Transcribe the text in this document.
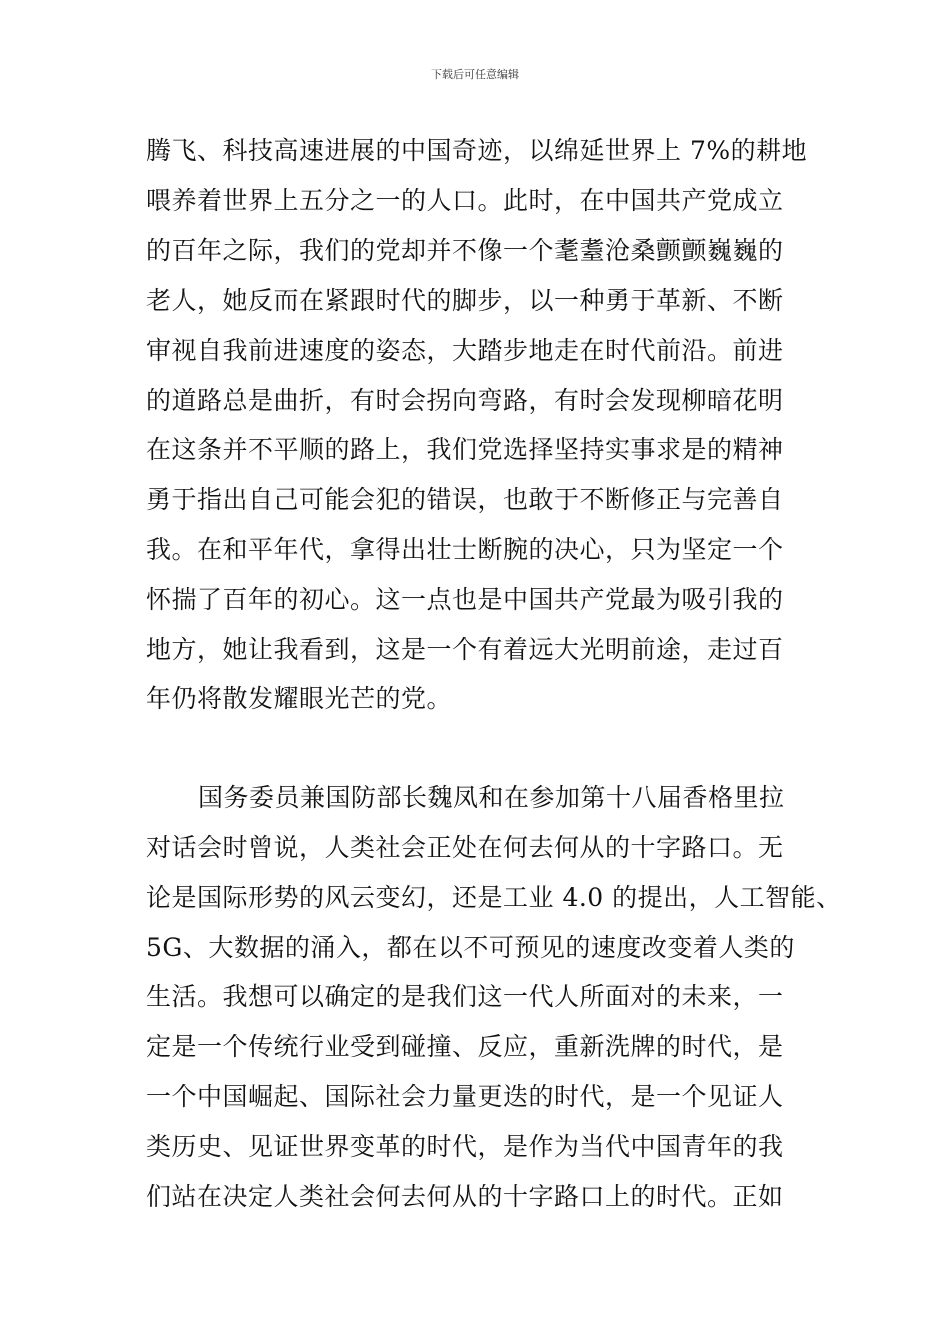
下载后可任意编辑
腾飞、科技高速进展的中国奇迹，以绵延世界上 7%的耕地
喂养着世界上五分之一的人口。此时，在中国共产党成立
的百年之际，我们的党却并不像一个耄耋沧桑颤颤巍巍的
老人，她反而在紧跟时代的脚步，以一种勇于革新、不断
审视自我前进速度的姿态，大踏步地走在时代前沿。前进
的道路总是曲折，有时会拐向弯路，有时会发现柳暗花明
在这条并不平顺的路上，我们党选择坚持实事求是的精神
勇于指出自己可能会犯的错误，也敢于不断修正与完善自
我。在和平年代，拿得出壮士断腕的决心，只为坚定一个
怀揣了百年的初心。这一点也是中国共产党最为吸引我的
地方，她让我看到，这是一个有着远大光明前途，走过百
年仍将散发耀眼光芒的党。
国务委员兼国防部长魏凤和在参加第十八届香格里拉
对话会时曾说，人类社会正处在何去何从的十字路口。无
论是国际形势的风云变幻，还是工业 4.0 的提出，人工智能、
5G、大数据的涌入，都在以不可预见的速度改变着人类的
生活。我想可以确定的是我们这一代人所面对的未来，一
定是一个传统行业受到碰撞、反应，重新洗牌的时代，是
一个中国崛起、国际社会力量更迭的时代，是一个见证人
类历史、见证世界变革的时代，是作为当代中国青年的我
们站在决定人类社会何去何从的十字路口上的时代。正如
